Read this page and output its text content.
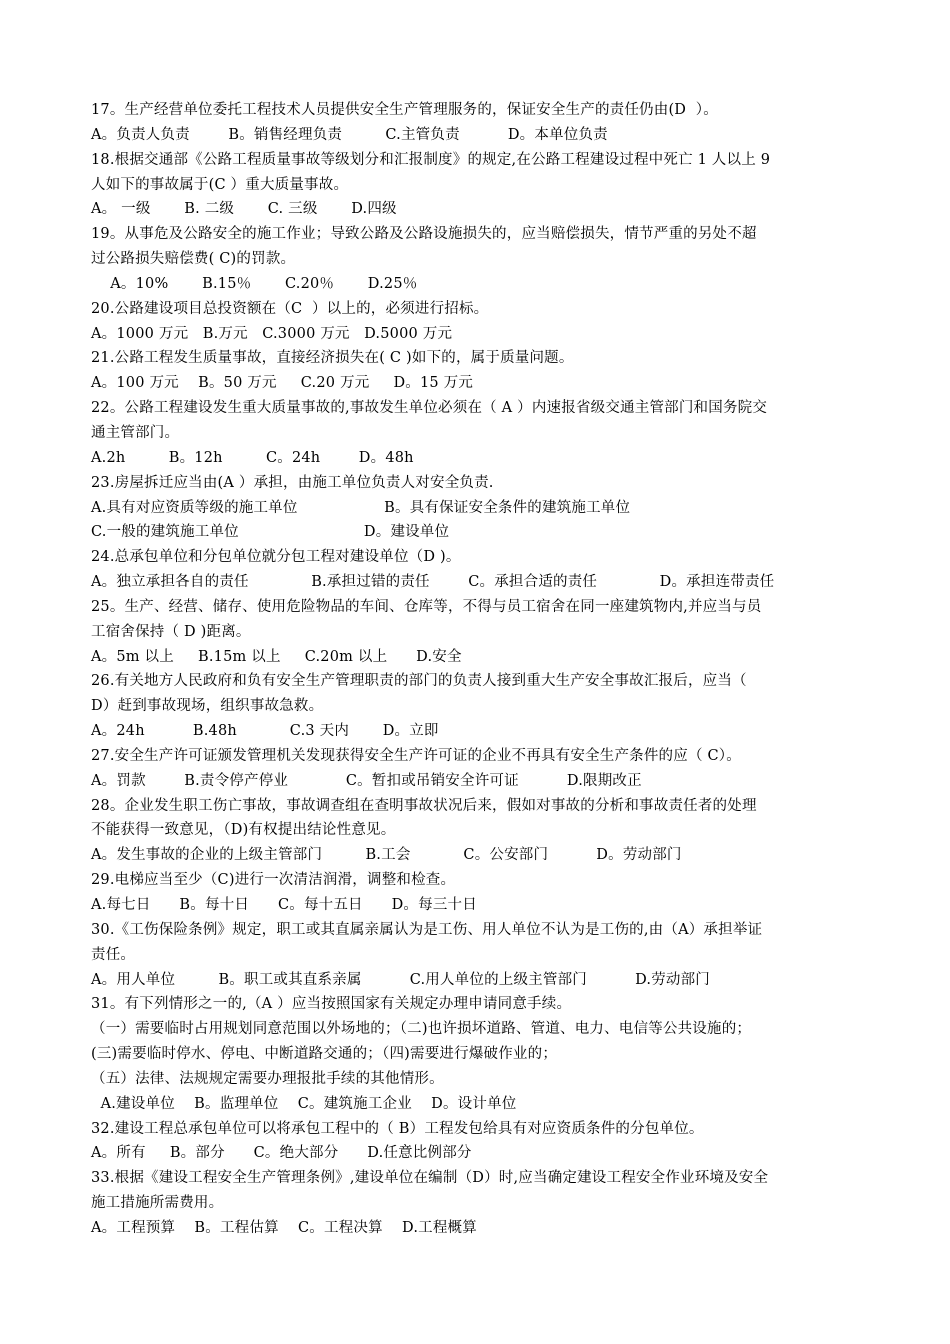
17。生产经营单位委托工程技术人员提供安全生产管理服务的，保证安全生产的责任仍由(D  ）。
A。负责人负责        B。销售经理负责         C.主管负责          D。本单位负责
18.根据交通部《公路工程质量事故等级划分和汇报制度》的规定,在公路工程建设过程中死亡 1 人以上 9
人如下的事故属于(C ）重大质量事故。
A。 一级       B. 二级       C. 三级       D.四级
19。从事危及公路安全的施工作业；导致公路及公路设施损失的，应当赔偿损失，情节严重的另处不超
过公路损失赔偿费( C)的罚款。
A。10%       B.15％       C.20％       D.25％
20.公路建设项目总投资额在（C  ）以上的，必须进行招标。
A。1000 万元   B.万元   C.3000 万元   D.5000 万元
21.公路工程发生质量事故，直接经济损失在( C )如下的，属于质量问题。
A。100 万元    B。50 万元     C.20 万元     D。15 万元
22。公路工程建设发生重大质量事故的,事故发生单位必须在（ A ）内速报省级交通主管部门和国务院交
通主管部门。
A.2h         B。12h         C。24h        D。48h
23.房屋拆迁应当由(A ）承担，由施工单位负责人对安全负责.
A.具有对应资质等级的施工单位                  B。具有保证安全条件的建筑施工单位
C.一般的建筑施工单位                          D。建设单位
24.总承包单位和分包单位就分包工程对建设单位（D )。
A。独立承担各自的责任             B.承担过错的责任        C。承担合适的责任             D。承担连带责任
25。生产、经营、储存、使用危险物品的车间、仓库等，不得与员工宿舍在同一座建筑物内,并应当与员
工宿舍保持（ D )距离。
A。5m 以上     B.15m 以上     C.20m 以上      D.安全
26.有关地方人民政府和负有安全生产管理职责的部门的负责人接到重大生产安全事故汇报后，应当（
D）赶到事故现场，组织事故急救。
A。24h          B.48h           C.3 天内       D。立即
27.安全生产许可证颁发管理机关发现获得安全生产许可证的企业不再具有安全生产条件的应（ C）。
A。罚款        B.责令停产停业            C。暂扣或吊销安全许可证          D.限期改正
28。企业发生职工伤亡事故，事故调查组在查明事故状况后来，假如对事故的分析和事故责任者的处理
不能获得一致意见，（D)有权提出结论性意见。
A。发生事故的企业的上级主管部门         B.工会           C。公安部门          D。劳动部门
29.电梯应当至少（C)进行一次清洁润滑，调整和检查。
A.每七日      B。每十日      C。每十五日      D。每三十日
30.《工伤保险条例》规定，职工或其直属亲属认为是工伤、用人单位不认为是工伤的,由（A）承担举证
责任。
A。用人单位         B。职工或其直系亲属          C.用人单位的上级主管部门          D.劳动部门
31。有下列情形之一的,（A ）应当按照国家有关规定办理申请同意手续。
（一）需要临时占用规划同意范围以外场地的；（二)也许损坏道路、管道、电力、电信等公共设施的；
(三)需要临时停水、停电、中断道路交通的；（四)需要进行爆破作业的；
（五）法律、法规规定需要办理报批手续的其他情形。
A.建设单位    B。监理单位    C。建筑施工企业    D。设计单位
32.建设工程总承包单位可以将承包工程中的（ B）工程发包给具有对应资质条件的分包单位。
A。所有     B。部分      C。绝大部分      D.任意比例部分
33.根据《建设工程安全生产管理条例》,建设单位在编制（D）时,应当确定建设工程安全作业环境及安全
施工措施所需费用。
A。工程预算    B。工程估算    C。工程决算    D.工程概算
